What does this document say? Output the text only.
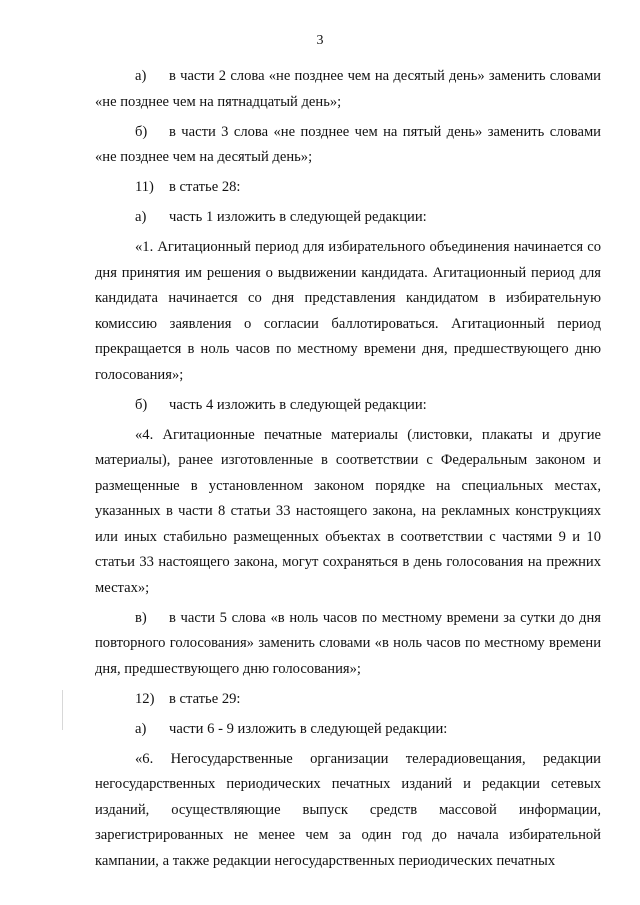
3

а) в части 2 слова «не позднее чем на десятый день» заменить словами «не позднее чем на пятнадцатый день»;

б) в части 3 слова «не позднее чем на пятый день» заменить словами «не позднее чем на десятый день»;

11) в статье 28:

а) часть 1 изложить в следующей редакции:

«1. Агитационный период для избирательного объединения начинается со дня принятия им решения о выдвижении кандидата. Агитационный период для кандидата начинается со дня представления кандидатом в избирательную комиссию заявления о согласии баллотироваться. Агитационный период прекращается в ноль часов по местному времени дня, предшествующего дню голосования»;

б) часть 4 изложить в следующей редакции:

«4. Агитационные печатные материалы (листовки, плакаты и другие материалы), ранее изготовленные в соответствии с Федеральным законом и размещенные в установленном законом порядке на специальных местах, указанных в части 8 статьи 33 настоящего закона, на рекламных конструкциях или иных стабильно размещенных объектах в соответствии с частями 9 и 10 статьи 33 настоящего закона, могут сохраняться в день голосования на прежних местах»;

в) в части 5 слова «в ноль часов по местному времени за сутки до дня повторного голосования» заменить словами «в ноль часов по местному времени дня, предшествующего дню голосования»;

12) в статье 29:

а) части 6 - 9 изложить в следующей редакции:

«6. Негосударственные организации телерадиовещания, редакции негосударственных периодических печатных изданий и редакции сетевых изданий, осуществляющие выпуск средств массовой информации, зарегистрированных не менее чем за один год до начала избирательной кампании, а также редакции негосударственных периодических печатных
